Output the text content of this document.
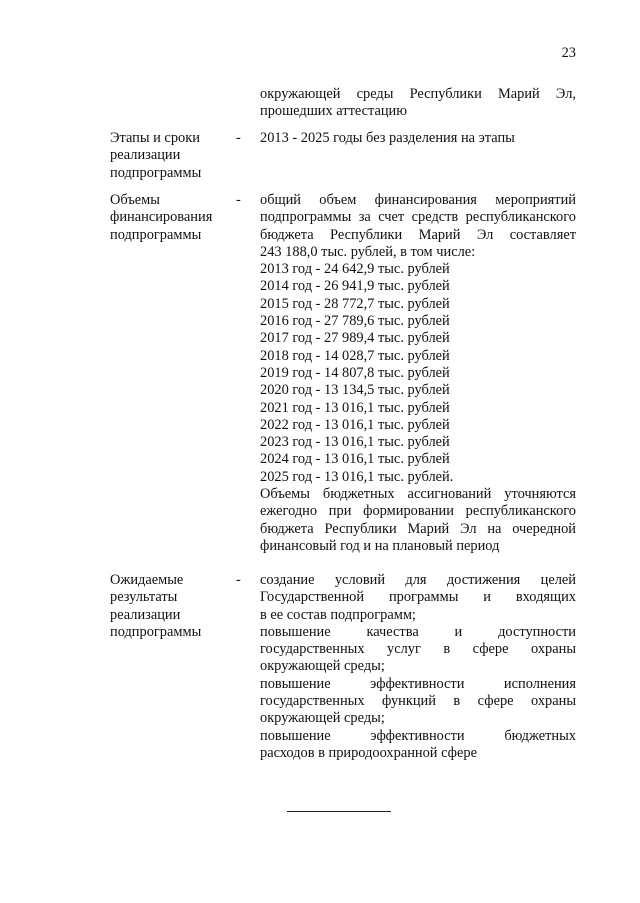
23
окружающей среды Республики Марий Эл,
прошедших аттестацию
Этапы и сроки
реализации
подпрограммы
- 2013 - 2025 годы без разделения на этапы
Объемы
финансирования
подпрограммы
- общий объем финансирования мероприятий
подпрограммы за счет средств республиканского
бюджета Республики Марий Эл составляет
243 188,0 тыс. рублей, в том числе:
2013 год - 24 642,9 тыс. рублей
2014 год - 26 941,9 тыс. рублей
2015 год - 28 772,7 тыс. рублей
2016 год - 27 789,6 тыс. рублей
2017 год - 27 989,4 тыс. рублей
2018 год - 14 028,7 тыс. рублей
2019 год - 14 807,8 тыс. рублей
2020 год - 13 134,5 тыс. рублей
2021 год - 13 016,1 тыс. рублей
2022 год - 13 016,1 тыс. рублей
2023 год - 13 016,1 тыс. рублей
2024 год - 13 016,1 тыс. рублей
2025 год - 13 016,1 тыс. рублей.
Объемы бюджетных ассигнований уточняются
ежегодно при формировании республиканского
бюджета Республики Марий Эл на очередной
финансовый год и на плановый период
Ожидаемые
результаты
реализации
подпрограммы
- создание условий для достижения целей
Государственной программы и входящих
в ее состав подпрограмм;
повышение качества и доступности
государственных услуг в сфере охраны
окружающей среды;
повышение эффективности исполнения
государственных функций в сфере охраны
окружающей среды;
повышение эффективности бюджетных
расходов в природоохранной сфере
